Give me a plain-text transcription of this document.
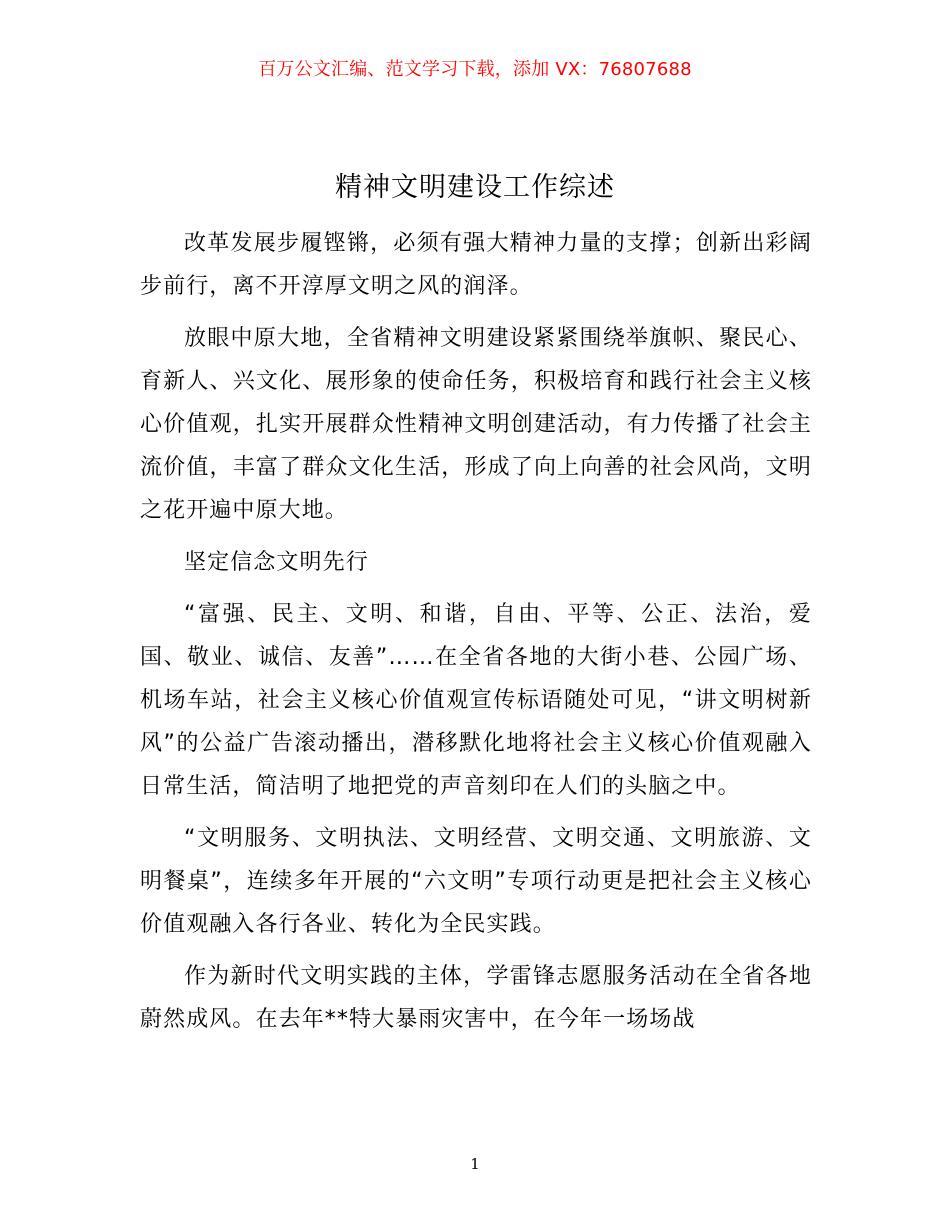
百万公文汇编、范文学习下载，添加 VX：76807688
精神文明建设工作综述

改革发展步履铿锵，必须有强大精神力量的支撑；创新出彩阔步前行，离不开淳厚文明之风的润泽。

放眼中原大地，全省精神文明建设紧紧围绕举旗帜、聚民心、育新人、兴文化、展形象的使命任务，积极培育和践行社会主义核心价值观，扎实开展群众性精神文明创建活动，有力传播了社会主流价值，丰富了群众文化生活，形成了向上向善的社会风尚，文明之花开遍中原大地。

坚定信念文明先行

“富强、民主、文明、和谐，自由、平等、公正、法治，爱国、敬业、诚信、友善”……在全省各地的大街小巷、公园广场、机场车站，社会主义核心价值观宣传标语随处可见，“讲文明树新风”的公益广告滚动播出，潜移默化地将社会主义核心价值观融入日常生活，简洁明了地把党的声音刻印在人们的头脑之中。

“文明服务、文明执法、文明经营、文明交通、文明旅游、文明餐桌”，连续多年开展的“六文明”专项行动更是把社会主义核心价值观融入各行各业、转化为全民实践。

作为新时代文明实践的主体，学雷锋志愿服务活动在全省各地蔚然成风。在去年**特大暴雨灾害中，在今年一场场战

1
